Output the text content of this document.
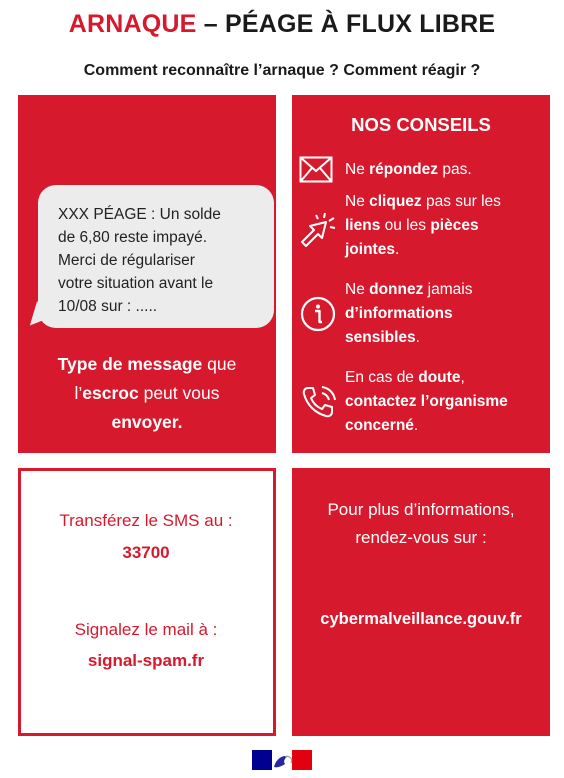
ARNAQUE – PÉAGE À FLUX LIBRE
Comment reconnaître l’arnaque ? Comment réagir ?
XXX PÉAGE : Un solde
de 6,80 reste impayé.
Merci de régulariser
votre situation avant le
10/08 sur : .....
Type de message que
l’escroc peut vous
envoyer.
NOS CONSEILS
Ne répondez pas.
Ne cliquez pas sur les
liens ou les pièces
jointes.
Ne donnez jamais
d’informations
sensibles.
En cas de doute,
contactez l’organisme
concerné.
Transférez le SMS au :
33700
Signalez le mail à :
signal-spam.fr
Pour plus d’informations,
rendez-vous sur :
cybermalveillance.gouv.fr
